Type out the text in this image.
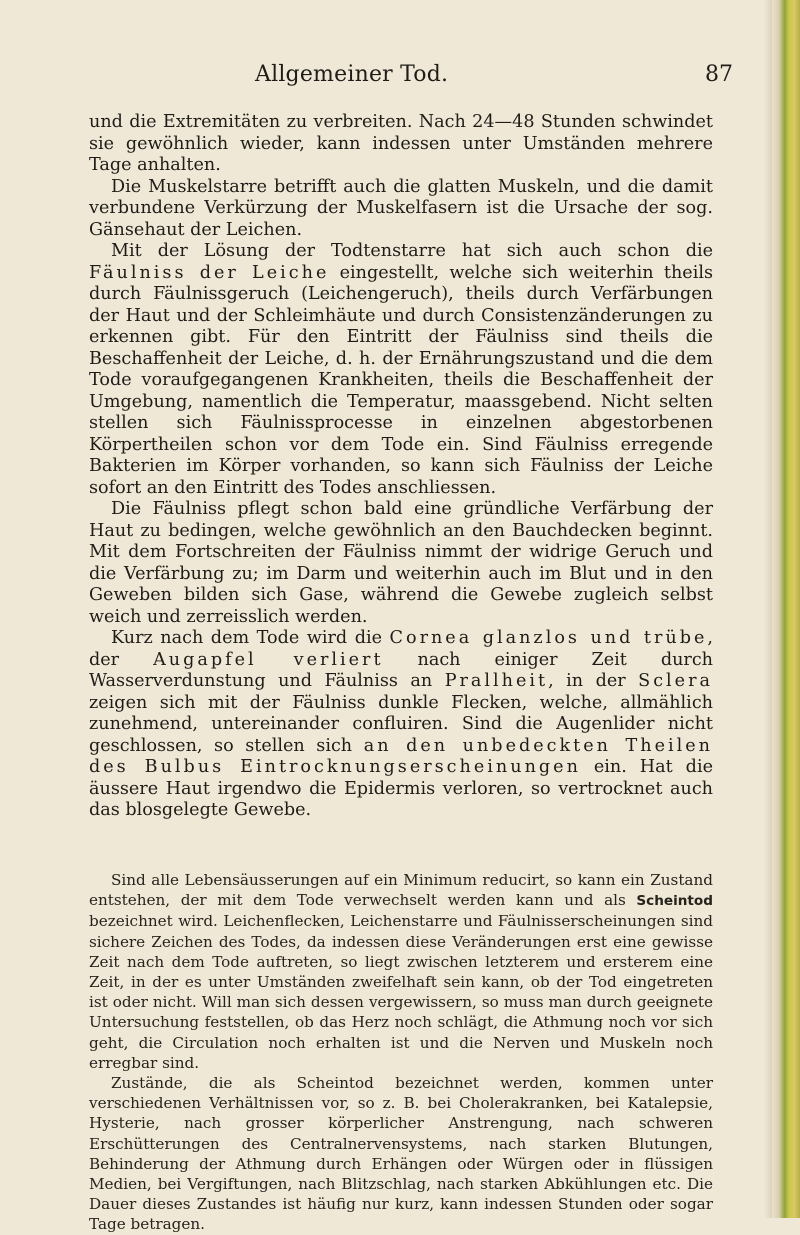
Allgemeiner Tod.	87

und die Extremitäten zu verbreiten. Nach 24—48 Stunden schwindet sie gewöhnlich wieder, kann indessen unter Umständen mehrere Tage anhalten.

Die Muskelstarre betrifft auch die glatten Muskeln, und die damit verbundene Verkürzung der Muskelfasern ist die Ursache der sog. Gänsehaut der Leichen.

Mit der Lösung der Todtenstarre hat sich auch schon die Fäulniss der Leiche eingestellt, welche sich weiterhin theils durch Fäulnissgeruch (Leichengeruch), theils durch Verfärbungen der Haut und der Schleimhäute und durch Consistenzänderungen zu erkennen gibt. Für den Eintritt der Fäulniss sind theils die Beschaffenheit der Leiche, d. h. der Ernährungszustand und die dem Tode voraufgegangenen Krankheiten, theils die Beschaffenheit der Umgebung, namentlich die Temperatur, maassgebend. Nicht selten stellen sich Fäulnissprocesse in einzelnen abgestorbenen Körpertheilen schon vor dem Tode ein. Sind Fäulniss erregende Bakterien im Körper vorhanden, so kann sich Fäulniss der Leiche sofort an den Eintritt des Todes anschliessen.

Die Fäulniss pflegt schon bald eine gründliche Verfärbung der Haut zu bedingen, welche gewöhnlich an den Bauchdecken beginnt. Mit dem Fortschreiten der Fäulniss nimmt der widrige Geruch und die Verfärbung zu; im Darm und weiterhin auch im Blut und in den Geweben bilden sich Gase, während die Gewebe zugleich selbst weich und zerreisslich werden.

Kurz nach dem Tode wird die Cornea glanzlos und trübe, der Augapfel verliert nach einiger Zeit durch Wasserverdunstung und Fäulniss an Prallheit, in der Sclera zeigen sich mit der Fäulniss dunkle Flecken, welche, allmählich zunehmend, untereinander confluiren. Sind die Augenlider nicht geschlossen, so stellen sich an den unbedeckten Theilen des Bulbus Eintrocknungserscheinungen ein. Hat die äussere Haut irgendwo die Epidermis verloren, so vertrocknet auch das blosgelegte Gewebe.

Sind alle Lebensäusserungen auf ein Minimum reducirt, so kann ein Zustand entstehen, der mit dem Tode verwechselt werden kann und als Scheintod bezeichnet wird. Leichenflecken, Leichenstarre und Fäulnisserscheinungen sind sichere Zeichen des Todes, da indessen diese Veränderungen erst eine gewisse Zeit nach dem Tode auftreten, so liegt zwischen letzterem und ersterem eine Zeit, in der es unter Umständen zweifelhaft sein kann, ob der Tod eingetreten ist oder nicht. Will man sich dessen vergewissern, so muss man durch geeignete Untersuchung feststellen, ob das Herz noch schlägt, die Athmung noch vor sich geht, die Circulation noch erhalten ist und die Nerven und Muskeln noch erregbar sind.

Zustände, die als Scheintod bezeichnet werden, kommen unter verschiedenen Verhältnissen vor, so z. B. bei Cholerakranken, bei Katalepsie, Hysterie, nach grosser körperlicher Anstrengung, nach schweren Erschütterungen des Centralnervensystems, nach starken Blutungen, Behinderung der Athmung durch Erhängen oder Würgen oder in flüssigen Medien, bei Vergiftungen, nach Blitzschlag, nach starken Abkühlungen etc. Die Dauer dieses Zustandes ist häufig nur kurz, kann indessen Stunden oder sogar Tage betragen.
